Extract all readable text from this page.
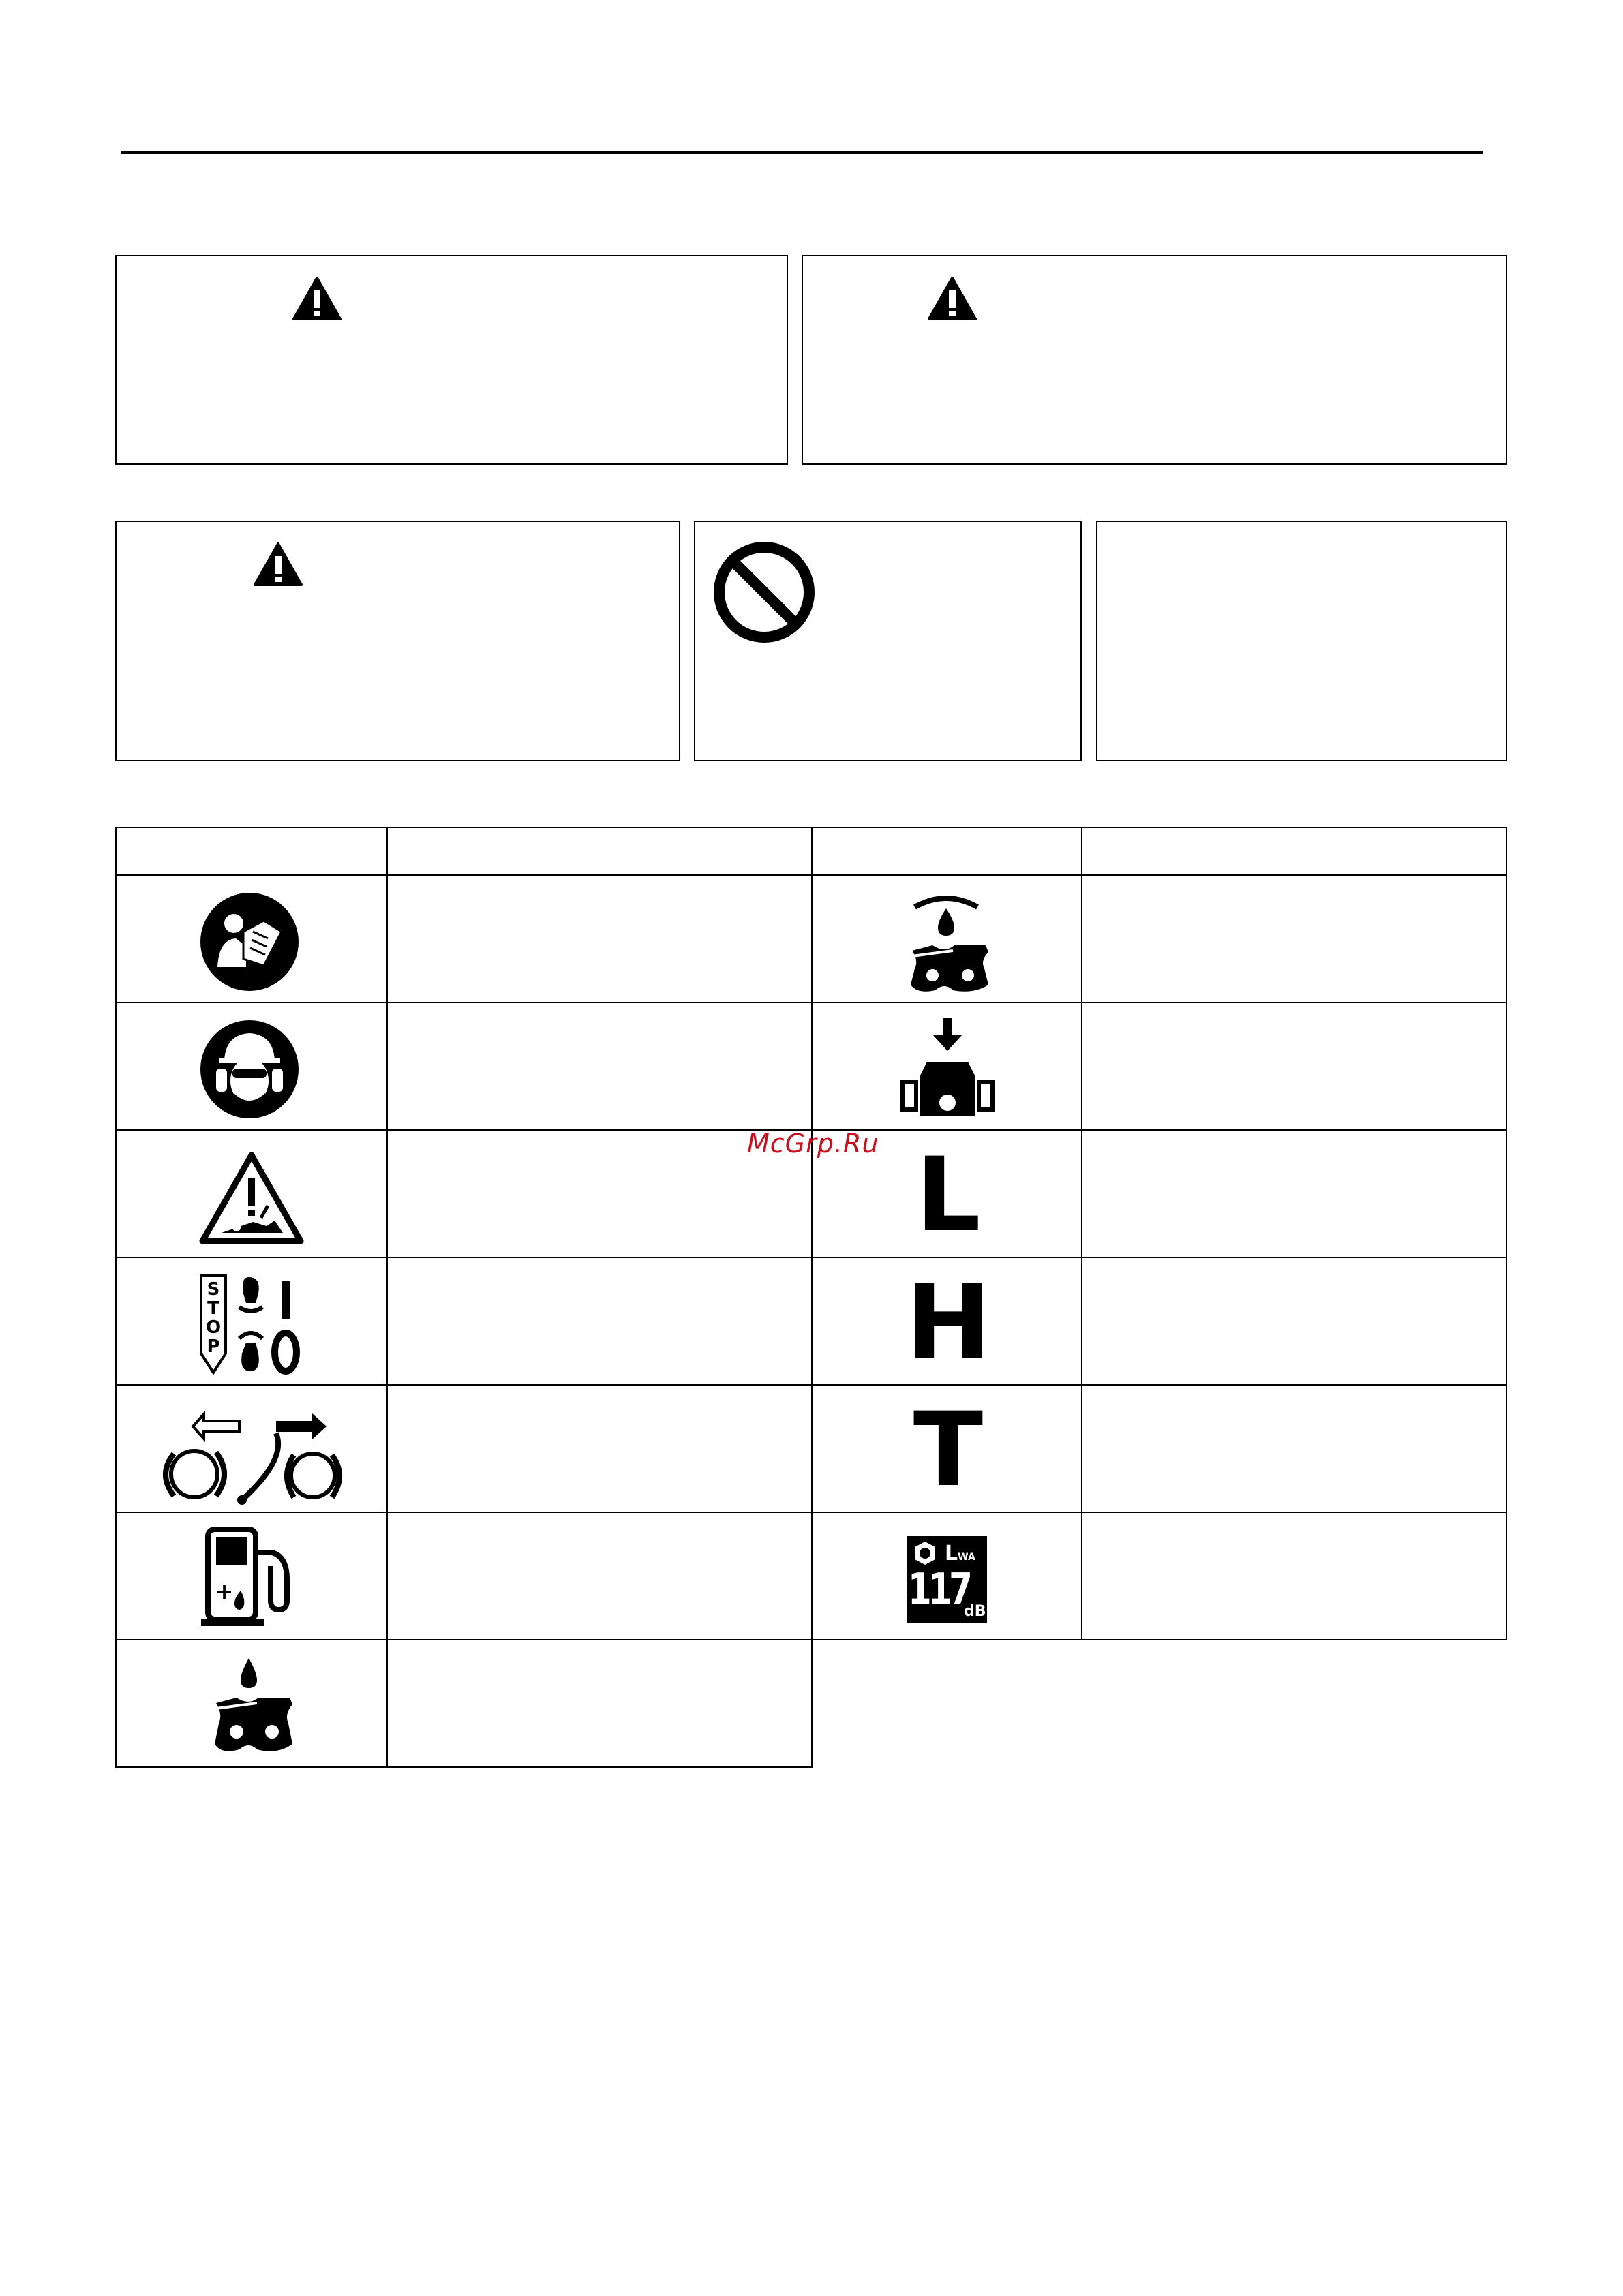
S
T
O
P
+
L
H
T
LWA
117
dB
McGrp.Ru
